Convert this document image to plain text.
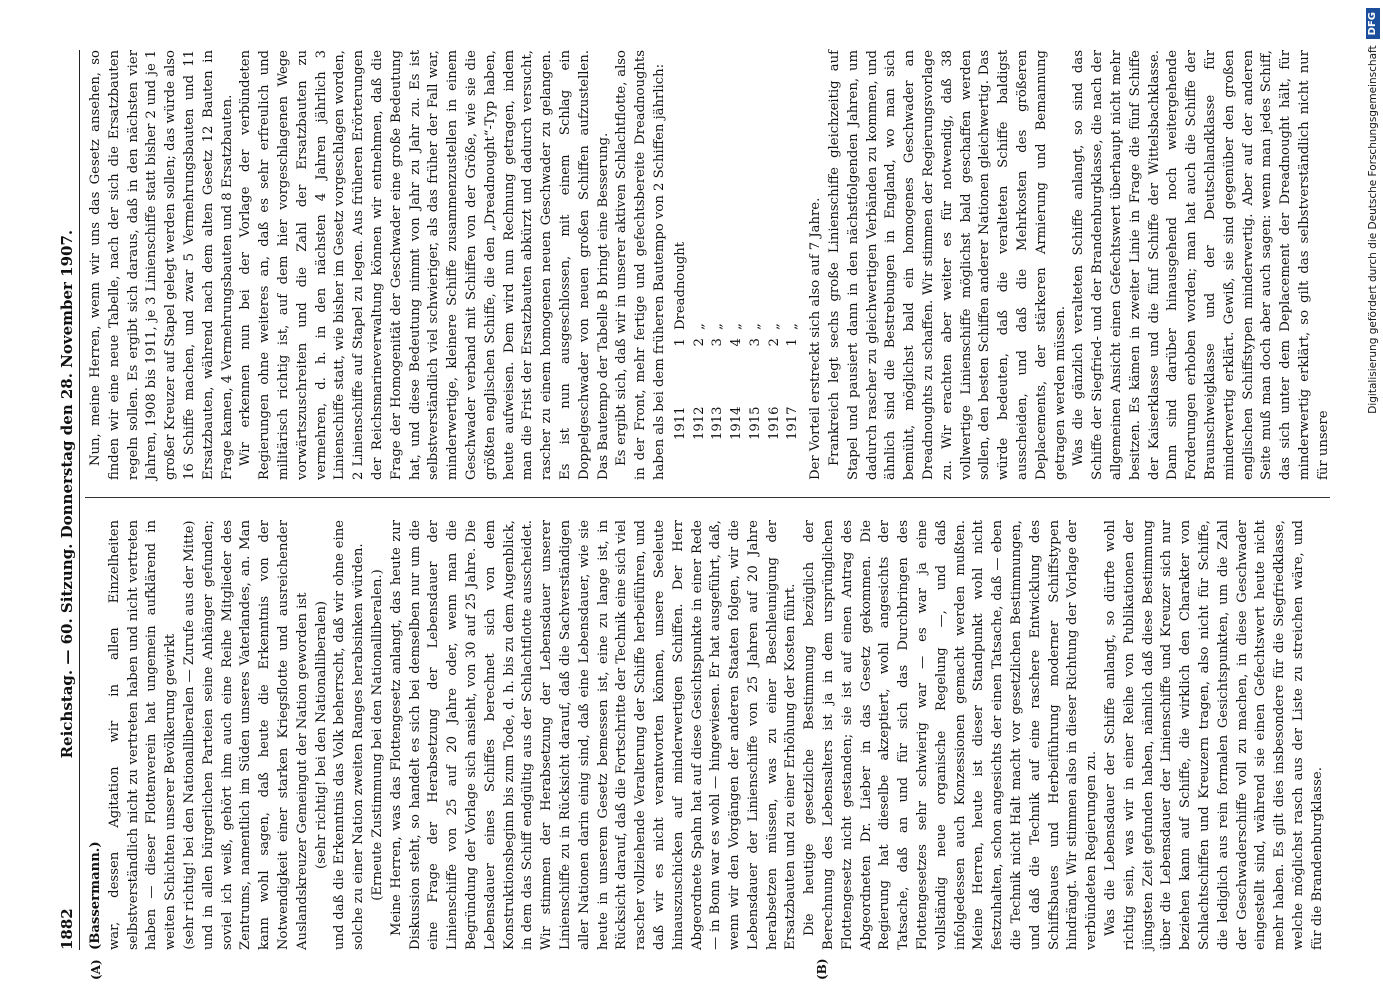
1882
Reichstag. — 60. Sitzung. Donnerstag den 28. November 1907.
(A)	(B)

(Bassermann.) war, dessen Agitation wir in allen Einzelheiten selbstverständlich nicht zu vertreten haben und nicht vertreten haben — dieser Flottenverein hat ungemein aufklärend in weiten Schichten unserer Bevölkerung gewirkt (sehr richtig! bei den Nationalliberalen — Zurufe aus der Mitte) und in allen bürgerlichen Parteien seine Anhänger gefunden; soviel ich weiß, gehört ihm auch eine Reihe Mitglieder des Zentrums, namentlich im Süden unseres Vaterlandes, an. Man kann wohl sagen, daß heute die Erkenntnis von der Notwendigkeit einer starken Kriegsflotte und ausreichender Auslandskreuzer Gemeingut der Nation geworden ist (sehr richtig! bei den Nationalliberalen) und daß die Erkenntnis das Volk beherrscht, daß wir ohne eine solche zu einer Nation zweiten Ranges herabsinken würden. (Erneute Zustimmung bei den Nationalliberalen.) Meine Herren, was das Flottengesetz anlangt, das heute zur Diskussion steht, so handelt es sich bei demselben nur um die eine Frage der Herabsetzung der Lebensdauer der Linienschiffe von 25 auf 20 Jahre oder, wenn man die Begründung der Vorlage sich ansieht, von 30 auf 25 Jahre. Die Lebensdauer eines Schiffes berechnet sich von dem Konstruktionsbeginn bis zum Tode, d. h. bis zu dem Augenblick, in dem das Schiff endgültig aus der Schlachtflotte ausscheidet. Wir stimmen der Herabsetzung der Lebensdauer unserer Linienschiffe zu in Rücksicht darauf, daß die Sachverständigen aller Nationen darin einig sind, daß eine Lebensdauer, wie sie heute in unserem Gesetz bemessen ist, eine zu lange ist, in Rücksicht darauf, daß die Fortschritte der Technik eine sich viel rascher vollziehende Veralterung der Schiffe herbeiführen, und daß wir es nicht verantworten können, unsere Seeleute hinauszuschicken auf minderwertigen Schiffen. Der Herr Abgeordnete Spahn hat auf diese Gesichtspunkte in einer Rede — in Bonn war es wohl — hingewiesen. Er hat ausgeführt, daß, wenn wir den Vorgängen der anderen Staaten folgen, wir die Lebensdauer der Linienschiffe von 25 Jahren auf 20 Jahre herabsetzen müssen, was zu einer Beschleunigung der Ersatzbauten und zu einer Erhöhung der Kosten führt. Die heutige gesetzliche Bestimmung bezüglich der Berechnung des Lebensalters ist ja in dem ursprünglichen Flottengesetz nicht gestanden; sie ist auf einen Antrag des Abgeordneten Dr. Lieber in das Gesetz gekommen. Die Regierung hat dieselbe akzeptiert, wohl angesichts der Tatsache, daß an und für sich das Durchbringen des Flottengesetzes sehr schwierig war — es war ja eine vollständig neue organische Regelung —, und daß infolgedessen auch Konzessionen gemacht werden mußten. Meine Herren, heute ist dieser Standpunkt wohl nicht festzuhalten, schon angesichts der einen Tatsache, daß — eben die Technik nicht Halt macht vor gesetzlichen Bestimmungen, und daß die Technik auf eine raschere Entwicklung des Schiffsbaues und Herbeiführung moderner Schiffstypen hindrängt. Wir stimmen also in dieser Richtung der Vorlage der verbündeten Regierungen zu. Was die Lebensdauer der Schiffe anlangt, so dürfte wohl richtig sein, was wir in einer Reihe von Publikationen der jüngsten Zeit gefunden haben, nämlich daß diese Bestimmung über die Lebensdauer der Linienschiffe und Kreuzer sich nur beziehen kann auf Schiffe, die wirklich den Charakter von Schlachtschiffen und Kreuzern tragen, also nicht für Schiffe, die lediglich aus rein formalen Gesichtspunkten, um die Zahl der Geschwaderschiffe voll zu machen, in diese Geschwader eingestellt sind, während sie einen Gefechtswert heute nicht mehr haben. Es gilt dies insbesondere für die Siegfriedklasse, welche möglichst rasch aus der Liste zu streichen wäre, und für die Brandenburgklasse.

Nun, meine Herren, wenn wir uns das Gesetz ansehen, so finden wir eine neue Tabelle, nach der sich die Ersatzbauten regeln sollen. Es ergibt sich daraus, daß in den nächsten vier Jahren, 1908 bis 1911, je 3 Linienschiffe statt bisher 2 und je 1 großer Kreuzer auf Stapel gelegt werden sollen; das würde also 16 Schiffe machen, und zwar 5 Vermehrungsbauten und 11 Ersatzbauten, während nach dem alten Gesetz 12 Bauten in Frage kamen, 4 Vermehrungsbauten und 8 Ersatzbauten. Wir erkennen nun bei der Vorlage der verbündeten Regierungen ohne weiteres an, daß es sehr erfreulich und militärisch richtig ist, auf dem hier vorgeschlagenen Wege vorwärtszuschreiten und die Zahl der Ersatzbauten zu vermehren, d. h. in den nächsten 4 Jahren jährlich 3 Linienschiffe statt, wie bisher im Gesetz vorgeschlagen worden, 2 Linienschiffe auf Stapel zu legen. Aus früheren Erörterungen der Reichsmarineverwaltung können wir entnehmen, daß die Frage der Homogenität der Geschwader eine große Bedeutung hat, und diese Bedeutung nimmt von Jahr zu Jahr zu. Es ist selbstverständlich viel schwieriger, als das früher der Fall war, minderwertige, kleinere Schiffe zusammenzustellen in einem Geschwader verband mit Schiffen von der Größe, wie sie die größten englischen Schiffe, die den „Dreadnought“-Typ haben, heute aufweisen. Dem wird nun Rechnung getragen, indem man die Frist der Ersatzbauten abkürzt und dadurch versucht, rascher zu einem homogenen neuen Geschwader zu gelangen. Es ist nun ausgeschlossen, mit einem Schlag ein Doppelgeschwader von neuen großen Schiffen aufzustellen. Das Bautempo der Tabelle B bringt eine Besserung. Es ergibt sich, daß wir in unserer aktiven Schlachtflotte, also in der Front, mehr fertige und gefechtsbereite Dreadnoughts haben als bei dem früheren Bautempo von 2 Schiffen jährlich: 1911	1	Dreadnought
1912	2	„
1913	3	„
1914	4	„
1915	3	„
1916	2	„
1917	1	„ Der Vorteil erstreckt sich also auf 7 Jahre. Frankreich legt sechs große Linienschiffe gleichzeitig auf Stapel und pausiert dann in den nächstfolgenden Jahren, um dadurch rascher zu gleichwertigen Verbänden zu kommen, und ähnlich sind die Bestrebungen in England, wo man sich bemüht, möglichst bald ein homogenes Geschwader an Dreadnoughts zu schaffen. Wir stimmen der Regierungsvorlage zu. Wir erachten aber weiter es für notwendig, daß 38 vollwertige Linienschiffe möglichst bald geschaffen werden sollen, den besten Schiffen anderer Nationen gleichwertig. Das würde bedeuten, daß die veralteten Schiffe baldigst ausscheiden, und daß die Mehrkosten des größeren Deplacements, der stärkeren Armierung und Bemannung getragen werden müssen. Was die gänzlich veralteten Schiffe anlangt, so sind das Schiffe der Siegfried- und der Brandenburgklasse, die nach der allgemeinen Ansicht einen Gefechtswert überhaupt nicht mehr besitzen. Es kämen in zweiter Linie in Frage die fünf Schiffe der Kaiserklasse und die fünf Schiffe der Wittelsbachklasse. Dann sind darüber hinausgehend noch weitergehende Forderungen erhoben worden; man hat auch die Schiffe der Braunschweigklasse und der Deutschlandklasse für minderwertig erklärt. Gewiß, sie sind gegenüber den großen englischen Schiffstypen minderwertig. Aber auf der anderen Seite muß man doch aber auch sagen: wenn man jedes Schiff, das sich unter dem Deplacement der Dreadnought hält, für minderwertig erklärt, so gilt das selbstverständlich nicht nur für unsere

Digitalisierung gefördert durch die Deutsche Forschungsgemeinschaft
DFG
